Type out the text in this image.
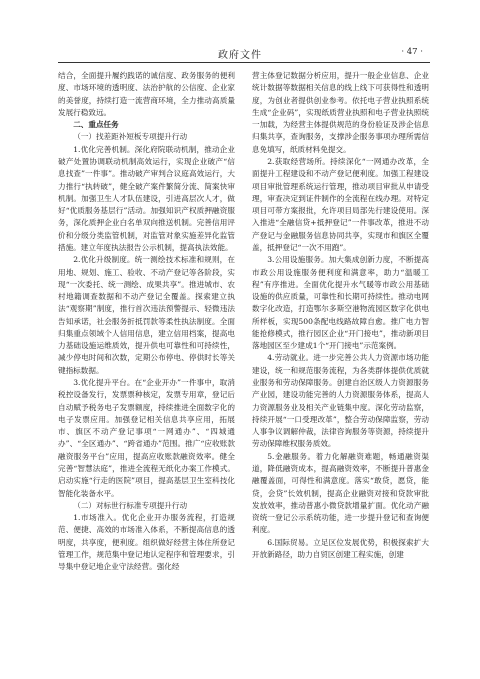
政府文件	· 47 ·

结合，全面提升履约践诺的诚信度、政务服务的便利度、市场环境的透明度、法治护航的公信度、企业家的美誉度，持续打造一流营商环境，全力推动高质量发展行稳致远。

二、重点任务

（一）找差距补短板专项提升行动

1.优化完善机制。深化府院联动机制，推动企业破产处置协调联动机制高效运行，实现企业破产“信息找查”一件事”。推动破产审判合议庭高效运行，大力推行“执转破”，健全破产案件繁简分流、简案快审机制。加强卫生人才队伍建设，引进高层次人才，做好“优质服务基层行”活动。加强知识产权质押融资服务，深化质押企业白名单双向推送机制。完善信用评价和分级分类监管机制，对监管对象实施差异化监管措施。建立年度执法报告公示机制，提高执法效能。

2.优化升级制度。统一测绘技术标准和规则，在用地、规划、施工、验收、不动产登记等各阶段，实现“一次委托、统一测绘、成果共享”。推进城市、农村地籍调查数据和不动产登记全覆盖。探索建立执法“观察期”制度，推行首次违法预警提示、轻微违法告知承诺，社会服务折抵罚款等柔性执法制度。全面归集重点领域个人信用信息，建立信用档案，提高电力基础设施运维质效，提升供电可靠性和可持续性，减少停电时间和次数，定期公布停电、停供时长等关键指标数据。

3.优化提升平台。在“企业开办”一件事中，取消税控设备发行，发票票种核定，发票专用章，登记后自动赋予税务电子发票额度，持续推进全面数字化的电子发票应用。加强登记相关信息共享应用，拓展市、旗区不动产登记事项“一网通办”、“四城通办”、“全区通办”、“跨省通办”范围。推广“应收账款融资服务平台”应用，提高应收账款融资效率。健全完善“智慧法庭”，推进全流程无纸化办案工作模式。启动实施“行走的医院”项目，提高基层卫生室科技化智能化装备水平。

（二）对标世行标准专项提升行动

1.市场准入。优化企业开办服务流程，打造规范、便捷、高效的市场准入体系，不断提高信息的透明度，共享度，便利度。组织做好经营主体住所登记管理工作，规范集中登记地认定程序和管理要求，引导集中登记地企业守法经营。强化经

营主体登记数据分析应用，提升一般企业信息、企业统计数据等数据相关信息的线上线下可获得性和透明度，为创业者提供创业参考。依托电子营业执照系统生成“企业码”，实现纸质营业执照和电子营业执照统一加载，为经营主体提供规范的身份验证及涉企信息归集共享，查询服务，支撑涉企服务事项办理所需信息免填写，纸质材料免提交。

2.获取经营场所。持续深化“一网通办改革，全面提升工程建设和不动产登记便利度。加强工程建设项目审批管理系统运行管理，推动项目审批从申请受理，审查决定到证件制作的全流程在线办理。对特定项目可带方案报批，允许项目局部先行建设使用。深入推进“全融信贷+抵押登记”一件事改革，推进不动产登记与金融服务信息协同共享，实现市和旗区全覆盖，抵押登记“一次不用跑”。

3.公用设施服务。加大集成创新力度，不断提高市政公用设施服务便利度和满意率，助力“温暖工程”有序推进。全面优化提升水气暖等市政公用基础设施的供应质量，可靠性和长期可持续性。推动电网数字化改造，打造鄂尔多斯空港物流园区数字化供电所样板，实现500条配电线路故障自愈。推广电力智能抢修模式，推行园区企业“开门接电”，推动新项目落地园区至少建成1个“开门接电”示范案例。

4.劳动就业。进一步完善公共人力资源市场功能建设，统一和规范服务流程，为各类群体提供优质就业服务和劳动保障服务。创建自治区级人力资源服务产业园，建设功能完善的人力资源服务体系，提高人力资源服务业及相关产业链集中度。深化劳动监察，持续开展“一口受理改革”，整合劳动保障监察，劳动人事争议调解仲裁，法律咨询服务等资源，持续提升劳动保障维权服务质效。

5.金融服务。着力化解融资难题，畅通融资渠道，降低融资成本，提高融资效率，不断提升普惠金融覆盖面，可得性和满意度。落实“敢贷，愿贷，能贷，会贷”长效机制，提高企业融资对接和贷款审批发放效率，推动普惠小微贷款增量扩面。优化动产融资统一登记公示系统功能，进一步提升登记和查询便利度。

6.国际贸易。立足区位发展优势，积极探索扩大开放新路径，助力自贸区创建工程实施，创建
